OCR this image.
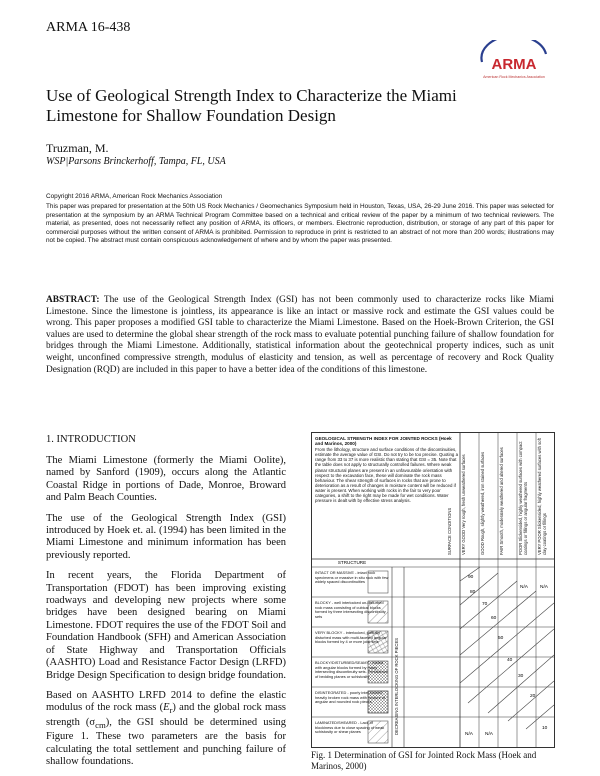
ARMA 16-438
ARMA
American Rock Mechanics Association
Use of Geological Strength Index to Characterize the Miami Limestone for Shallow Foundation Design
Truzman, M.
WSP|Parsons Brinckerhoff, Tampa, FL, USA
Copyright 2016 ARMA, American Rock Mechanics Association
This paper was prepared for presentation at the 50th US Rock Mechanics / Geomechanics Symposium held in Houston, Texas, USA, 26-29 June 2016. This paper was selected for presentation at the symposium by an ARMA Technical Program Committee based on a technical and critical review of the paper by a minimum of two technical reviewers. The material, as presented, does not necessarily reflect any position of ARMA, its officers, or members. Electronic reproduction, distribution, or storage of any part of this paper for commercial purposes without the written consent of ARMA is prohibited. Permission to reproduce in print is restricted to an abstract of not more than 200 words; illustrations may not be copied. The abstract must contain conspicuous acknowledgement of where and by whom the paper was presented.
ABSTRACT: The use of the Geological Strength Index (GSI) has not been commonly used to characterize rocks like Miami Limestone. Since the limestone is jointless, its appearance is like an intact or massive rock and estimate the GSI values could be wrong. This paper proposes a modified GSI table to characterize the Miami Limestone. Based on the Hoek-Brown Criterion, the GSI values are used to determine the global shear strength of the rock mass to evaluate potential punching failure of shallow foundation for bridges through the Miami Limestone. Additionally, statistical information about the geotechnical property indices, such as unit weight, unconfined compressive strength, modulus of elasticity and tension, as well as percentage of recovery and Rock Quality Designation (RQD) are included in this paper to have a better idea of the conditions of this limestone.
1. INTRODUCTION

The Miami Limestone (formerly the Miami Oolite), named by Sanford (1909), occurs along the Atlantic Coastal Ridge in portions of Dade, Monroe, Broward and Palm Beach Counties.

The use of the Geological Strength Index (GSI) introduced by Hoek et. al. (1994) has been limited in the Miami Limestone and minimum information has been previously reported.

In recent years, the Florida Department of Transportation (FDOT) has been improving existing roadways and developing new projects where some bridges have been designed bearing on Miami Limestone. FDOT requires the use of the FDOT Soil and Foundation Handbook (SFH) and American Association of State Highway and Transportation Officials (AASHTO) Load and Resistance Factor Design (LRFD) Bridge Design Specification to design bridge foundation.

Based on AASHTO LRFD 2014 to define the elastic modulus of the rock mass $(E_r)$ and the global rock mass strength $(\sigma_{cm})$, the GSI should be determined using Figure 1. These two parameters are the basis for calculating the total settlement and punching failure of shallow foundations.

N/A	N/A
N/A	N/A
90
80
70
60
50
40
30
20
10
STRUCTURE
GEOLOGICAL STRENGTH INDEX FOR JOINTED ROCKS (Hoek and Marinos, 2000)
From the lithology, structure and surface conditions of the discontinuities, estimate the average value of GSI. Do not try to be too precise. Quoting a range from 33 to 37 is more realistic than stating that GSI = 35. Note that the table does not apply to structurally controlled failures. Where weak planar structural planes are present in an unfavourable orientation with respect to the excavation face, these will dominate the rock mass behaviour. The shear strength of surfaces in rocks that are prone to deterioration as a result of changes in moisture content will be reduced if water is present. When working with rocks in the fair to very poor categories, a shift to the right may be made for wet conditions. Water pressure is dealt with by effective stress analysis.
SURFACE CONDITIONS VERY GOOD Very rough, fresh unweathered surfaces	GOOD Rough, slightly weathered, iron stained surfaces	FAIR Smooth, moderately weathered and altered surfaces	POOR Slickensided, highly weathered surfaces with compact coatings or fillings or angular fragments VERY POOR Slickensided, highly weathered surfaces with soft clay coatings or fillings
DECREASING INTERLOCKING OF ROCK PIECES
INTACT OR MASSIVE - intact rock specimens or massive in situ rock with few widely spaced discontinuities
BLOCKY - well interlocked un-disturbed rock mass consisting of cubical blocks formed by three intersecting discontinuity sets
VERY BLOCKY - interlocked, partially disturbed mass with multi-faceted angular blocks formed by 4 or more joint sets
BLOCKY/DISTURBED/SEAMY - folded with angular blocks formed by many intersecting discontinuity sets. Persistence of bedding planes or schistosity
DISINTEGRATED - poorly inter-locked, heavily broken rock mass with mixture of angular and rounded rock pieces
LAMINATED/SHEARED - Lack of blockiness due to close spacing of weak schistosity or shear planes
Fig. 1 Determination of GSI for Jointed Rock Mass (Hoek and Marinos, 2000)
